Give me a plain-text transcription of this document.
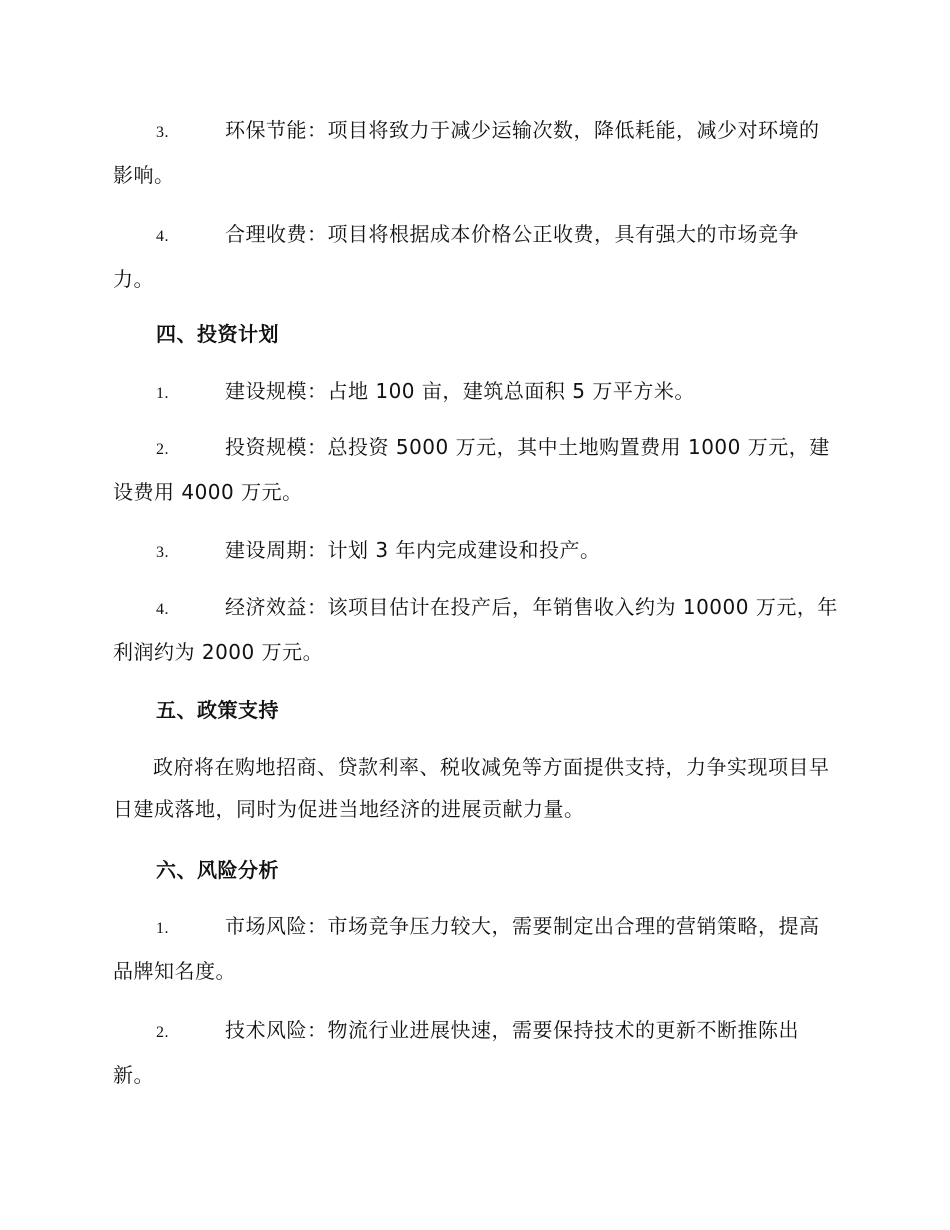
3.	环保节能：项目将致力于减少运输次数，降低耗能，减少对环境的影响。
4.	合理收费：项目将根据成本价格公正收费，具有强大的市场竞争力。
四、投资计划
1.	建设规模：占地 100 亩，建筑总面积 5 万平方米。
2.	投资规模：总投资 5000 万元，其中土地购置费用 1000 万元，建设费用 4000 万元。
3.	建设周期：计划 3 年内完成建设和投产。
4.	经济效益：该项目估计在投产后，年销售收入约为 10000 万元，年利润约为 2000 万元。
五、政策支持
政府将在购地招商、贷款利率、税收减免等方面提供支持，力争实现项目早日建成落地，同时为促进当地经济的进展贡献力量。
六、风险分析
1.	市场风险：市场竞争压力较大，需要制定出合理的营销策略，提高品牌知名度。
2.	技术风险：物流行业进展快速，需要保持技术的更新不断推陈出新。
